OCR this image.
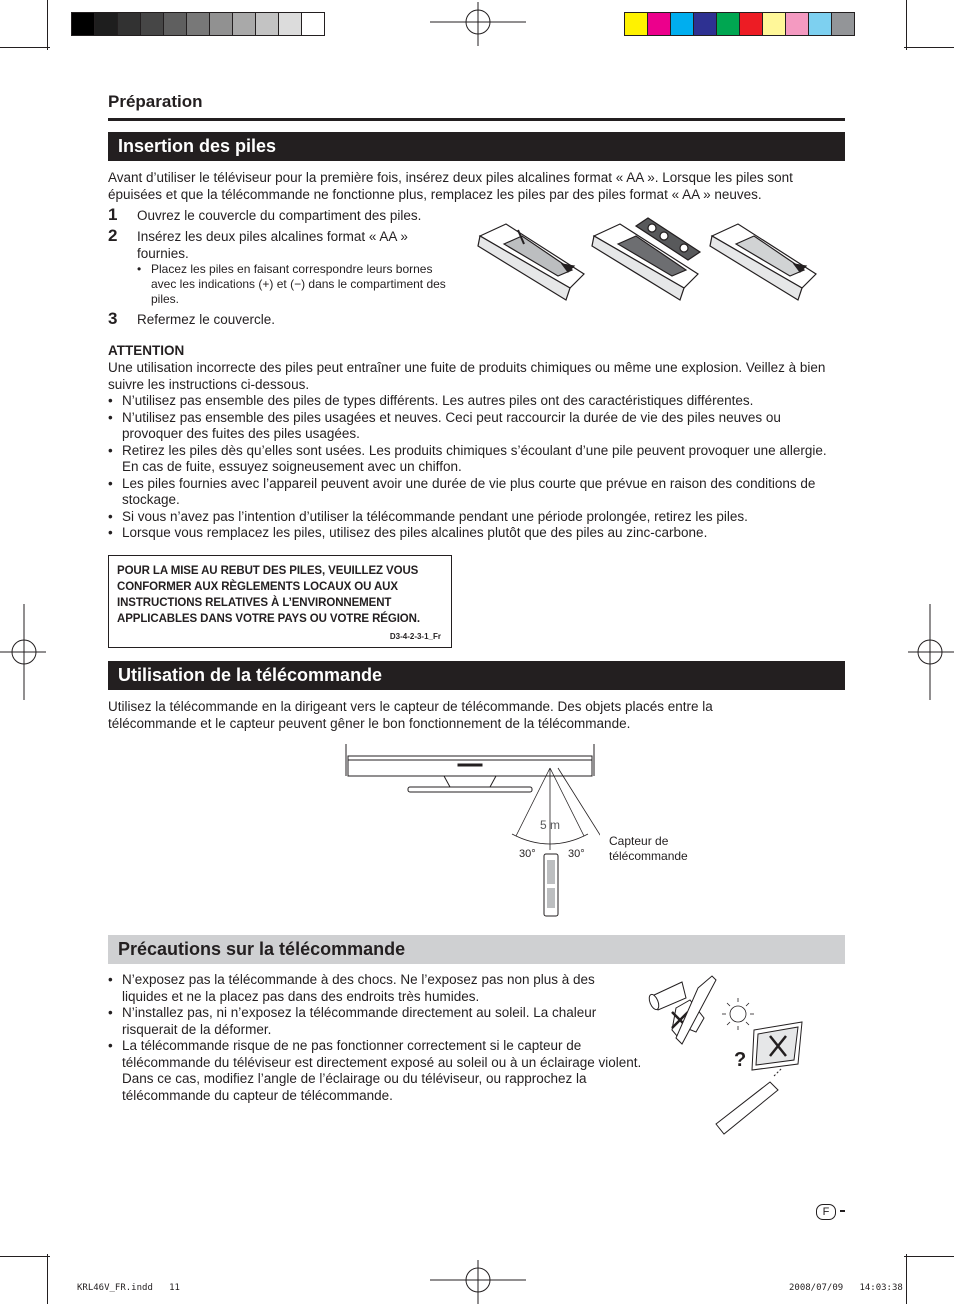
Préparation
Insertion des piles
Avant d’utiliser le téléviseur pour la première fois, insérez deux piles alcalines format « AA ». Lorsque les piles sont épuisées et que la télécommande ne fonctionne plus, remplacez les piles par des piles format « AA » neuves.
1 Ouvrez le couvercle du compartiment des piles.
2 Insérez les deux piles alcalines format « AA » fournies.
• Placez les piles en faisant correspondre leurs bornes avec les indications (+) et (−) dans le compartiment des piles.
3 Refermez le couvercle.
ATTENTION
Une utilisation incorrecte des piles peut entraîner une fuite de produits chimiques ou même une explosion. Veillez à bien suivre les instructions ci-dessous.
• N’utilisez pas ensemble des piles de types différents. Les autres piles ont des caractéristiques différentes.
• N’utilisez pas ensemble des piles usagées et neuves. Ceci peut raccourcir la durée de vie des piles neuves ou provoquer des fuites des piles usagées.
• Retirez les piles dès qu’elles sont usées. Les produits chimiques s’écoulant d’une pile peuvent provoquer une allergie. En cas de fuite, essuyez soigneusement avec un chiffon.
• Les piles fournies avec l’appareil peuvent avoir une durée de vie plus courte que prévue en raison des conditions de stockage.
• Si vous n’avez pas l’intention d’utiliser la télécommande pendant une période prolongée, retirez les piles.
• Lorsque vous remplacez les piles, utilisez des piles alcalines plutôt que des piles au zinc-carbone.
POUR LA MISE AU REBUT DES PILES, VEUILLEZ VOUS
CONFORMER AUX RÈGLEMENTS LOCAUX OU AUX
INSTRUCTIONS RELATIVES À L’ENVIRONNEMENT
APPLICABLES DANS VOTRE PAYS OU VOTRE RÉGION.
D3-4-2-3-1_Fr
Utilisation de la télécommande
Utilisez la télécommande en la dirigeant vers le capteur de télécommande. Des objets placés entre la télécommande et le capteur peuvent gêner le bon fonctionnement de la télécommande.
5 m
30°	30°
Capteur de
télécommande
Précautions sur la télécommande
• N’exposez pas la télécommande à des chocs. Ne l’exposez pas non plus à des liquides et ne la placez pas dans des endroits très humides.
• N’installez pas, ni n’exposez la télécommande directement au soleil. La chaleur risquerait de la déformer.
• La télécommande risque de ne pas fonctionner correctement si le capteur de télécommande du téléviseur est directement exposé au soleil ou à un éclairage violent. Dans ce cas, modifiez l’angle de l’éclairage ou du téléviseur, ou rapprochez la télécommande du capteur de télécommande.
?
F
KRL46V_FR.indd   11	2008/07/09   14:03:38
